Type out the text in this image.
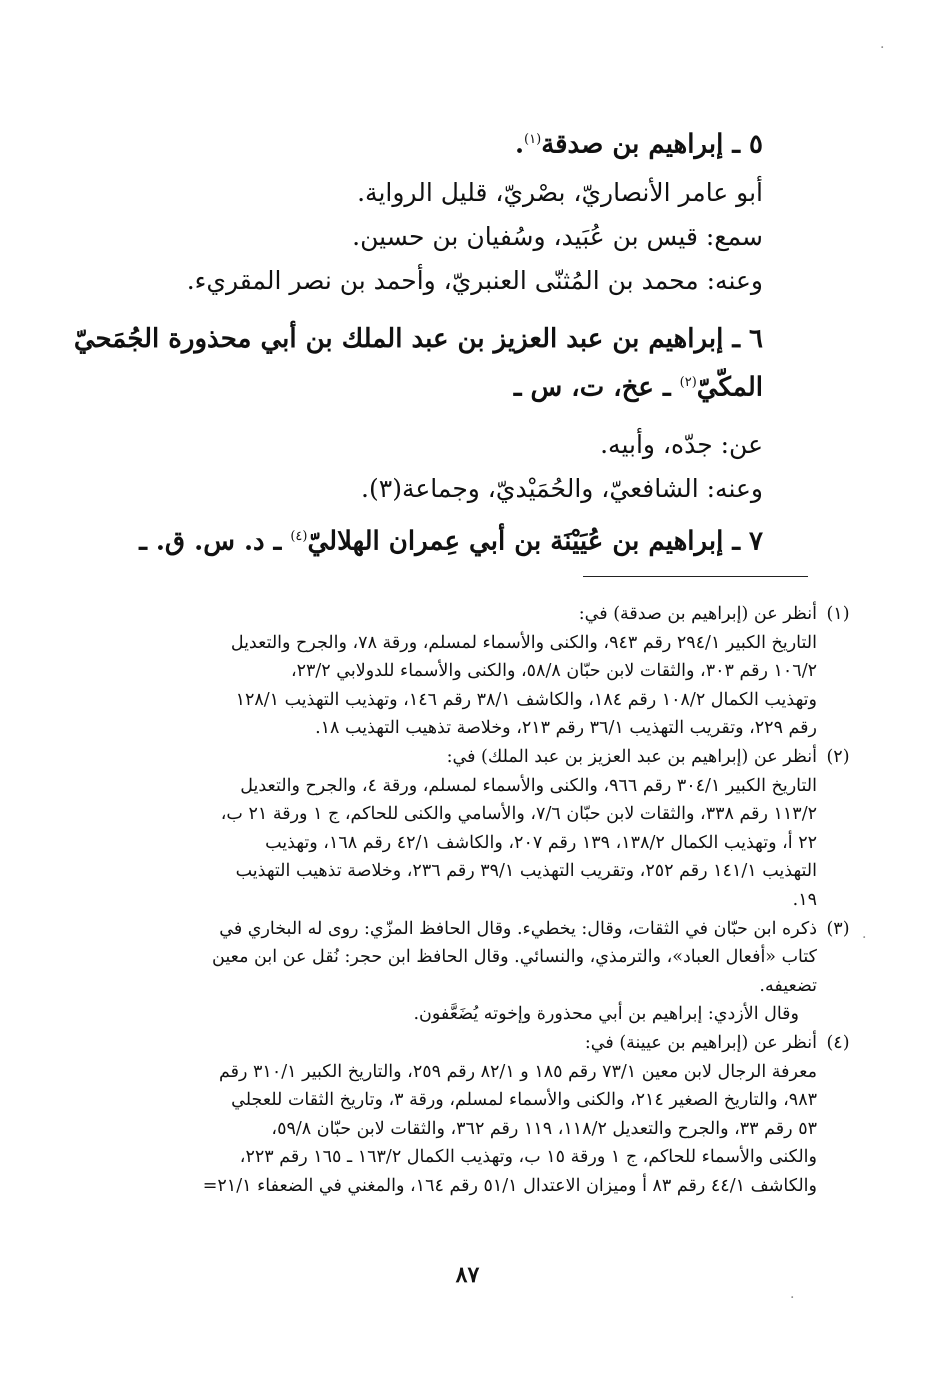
٥ ـ إبراهيم بن صدقة$^{(١)}$.
أبو عامر الأنصاريّ، بصْريّ، قليل الرواية.
سمع: قيس بن عُبَيد، وسُفيان بن حسين.
وعنه: محمد بن المُثنّى العنبريّ، وأحمد بن نصر المقريء.
٦ ـ إبراهيم بن عبد العزيز بن عبد الملك بن أبي محذورة الجُمَحيّ
المكّيّ$^{(٢)}$ ـ عخ، ت، س ـ
عن: جدّه، وأبيه.
وعنه: الشافعيّ، والحُمَيْديّ، وجماعة(٣).
٧ ـ إبراهيم بن عُيَيْنَة بن أبي عِمران الهلاليّ$^{(٤)}$ ـ د. س. ق. ـ
(١)

أنظر عن (إبراهيم بن صدقة) في:

التاريخ الكبير ٢٩٤/١ رقم ٩٤٣، والكنى والأسماء لمسلم، ورقة ٧٨، والجرح والتعديل

١٠٦/٢ رقم ٣٠٣، والثقات لابن حبّان ٥٨/٨، والكنى والأسماء للدولابي ٢٣/٢،

وتهذيب الكمال ١٠٨/٢ رقم ١٨٤، والكاشف ٣٨/١ رقم ١٤٦، وتهذيب التهذيب ١٢٨/١

رقم ٢٢٩، وتقريب التهذيب ٣٦/١ رقم ٢١٣، وخلاصة تذهيب التهذيب ١٨.

(٢)

أنظر عن (إبراهيم بن عبد العزيز بن عبد الملك) في:

التاريخ الكبير ٣٠٤/١ رقم ٩٦٦، والكنى والأسماء لمسلم، ورقة ٤، والجرح والتعديل

١١٣/٢ رقم ٣٣٨، والثقات لابن حبّان ٧/٦، والأسامي والكنى للحاكم، ج ١ ورقة ٢١ ب،

٢٢ أ، وتهذيب الكمال ١٣٨/٢، ١٣٩ رقم ٢٠٧، والكاشف ٤٢/١ رقم ١٦٨، وتهذيب

التهذيب ١٤١/١ رقم ٢٥٢، وتقريب التهذيب ٣٩/١ رقم ٢٣٦، وخلاصة تذهيب التهذيب

١٩.

(٣)

ذكره ابن حبّان في الثقات، وقال: يخطيء. وقال الحافظ المزّي: روى له البخاري في

كتاب «أفعال العباد»، والترمذي، والنسائي. وقال الحافظ ابن حجر: نُقل عن ابن معين

تضعيفه.

وقال الأزدي: إبراهيم بن أبي محذورة وإخوته يُضَعَّفون.

(٤)

أنظر عن (إبراهيم بن عيينة) في:

معرفة الرجال لابن معين ٧٣/١ رقم ١٨٥ و ٨٢/١ رقم ٢٥٩، والتاريخ الكبير ٣١٠/١ رقم

٩٨٣، والتاريخ الصغير ٢١٤، والكنى والأسماء لمسلم، ورقة ٣، وتاريخ الثقات للعجلي

٥٣ رقم ٣٣، والجرح والتعديل ١١٨/٢، ١١٩ رقم ٣٦٢، والثقات لابن حبّان ٥٩/٨،

والكنى والأسماء للحاكم، ج ١ ورقة ١٥ ب، وتهذيب الكمال ١٦٣/٢ ـ ١٦٥ رقم ٢٢٣،

والكاشف ٤٤/١ رقم ٨٣ أ وميزان الاعتدال ٥١/١ رقم ١٦٤، والمغني في الضعفاء ٢١/١=

٨٧
·
·
·
